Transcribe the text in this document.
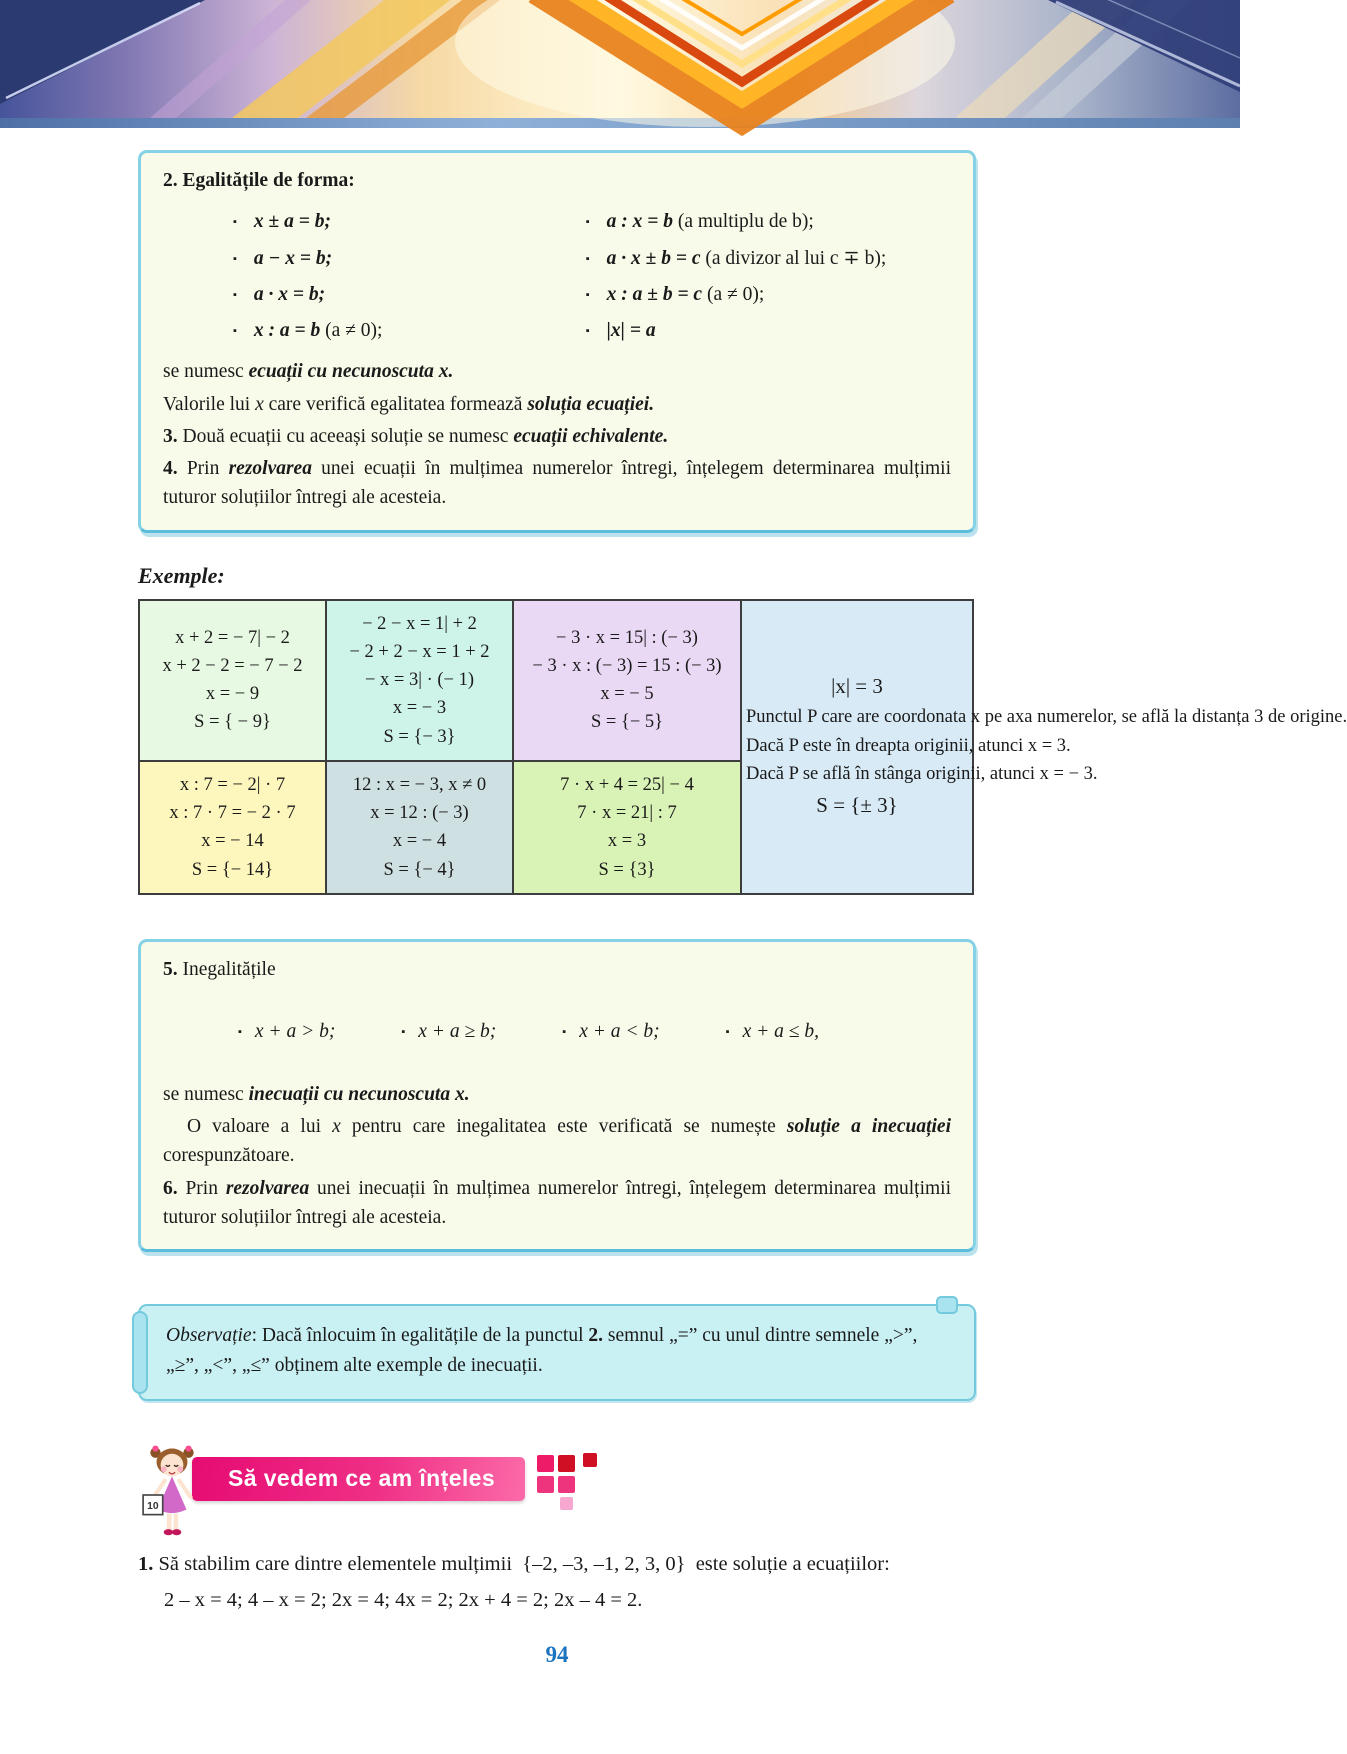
2. Egalitățile de forma:

▪ x ± a = b;
▪ a − x = b;
▪ a · x = b;
▪ x : a = b (a ≠ 0);
▪ a : x = b (a multiplu de b);
▪ a · x ± b = c (a divizor al lui c ∓ b);
▪ x : a ± b = c (a ≠ 0);
▪ |x| = a

se numesc ecuații cu necunoscuta x.

Valorile lui x care verifică egalitatea formează soluția ecuației.

3. Două ecuații cu aceeași soluție se numesc ecuații echivalente.

4. Prin rezolvarea unei ecuații în mulțimea numerelor întregi, înțelegem determinarea mulțimii tuturor soluțiilor întregi ale acesteia.

Exemple:
x + 2 = − 7| − 2
x + 2 − 2 = − 7 − 2
x = − 9
S = { − 9}

− 2 − x = 1| + 2
− 2 + 2 − x = 1 + 2
− x = 3| · (− 1)
x = − 3
S = {− 3}

− 3 · x = 15| : (− 3)
− 3 · x : (− 3) = 15 : (− 3)
x = − 5
S = {− 5}

|x| = 3
Punctul P care are coordonata x pe axa numerelor, se află la distanța 3 de origine.
Dacă P este în dreapta originii, atunci x = 3.
Dacă P se află în stânga originii, atunci x = − 3.
S = {± 3}

x : 7 = − 2| · 7
x : 7 · 7 = − 2 · 7
x = − 14
S = {− 14}

12 : x = − 3, x ≠ 0
x = 12 : (− 3)
x = − 4
S = {− 4}

7 · x + 4 = 25| − 4
7 · x = 21| : 7
x = 3
S = {3}

5. Inegalitățile

▪ x + a > b;	▪ x + a ≥ b;	▪ x + a < b;	▪ x + a ≤ b,

se numesc inecuații cu necunoscuta x.

O valoare a lui x pentru care inegalitatea este verificată se numește soluție a inecuației corespunzătoare.

6. Prin rezolvarea unei inecuații în mulțimea numerelor întregi, înțelegem determinarea mulțimii tuturor soluțiilor întregi ale acesteia.

Observație: Dacă înlocuim în egalitățile de la punctul 2. semnul „=” cu unul dintre semnele „>”, „≥”, „<”, „≤” obținem alte exemple de inecuații.

10
Să vedem ce am înțeles

1. Să stabilim care dintre elementele mulțimii  {–2, –3, –1, 2, 3, 0}  este soluție a ecuațiilor:

2 – x = 4; 4 – x = 2; 2x = 4; 4x = 2; 2x + 4 = 2; 2x – 4 = 2.

94
